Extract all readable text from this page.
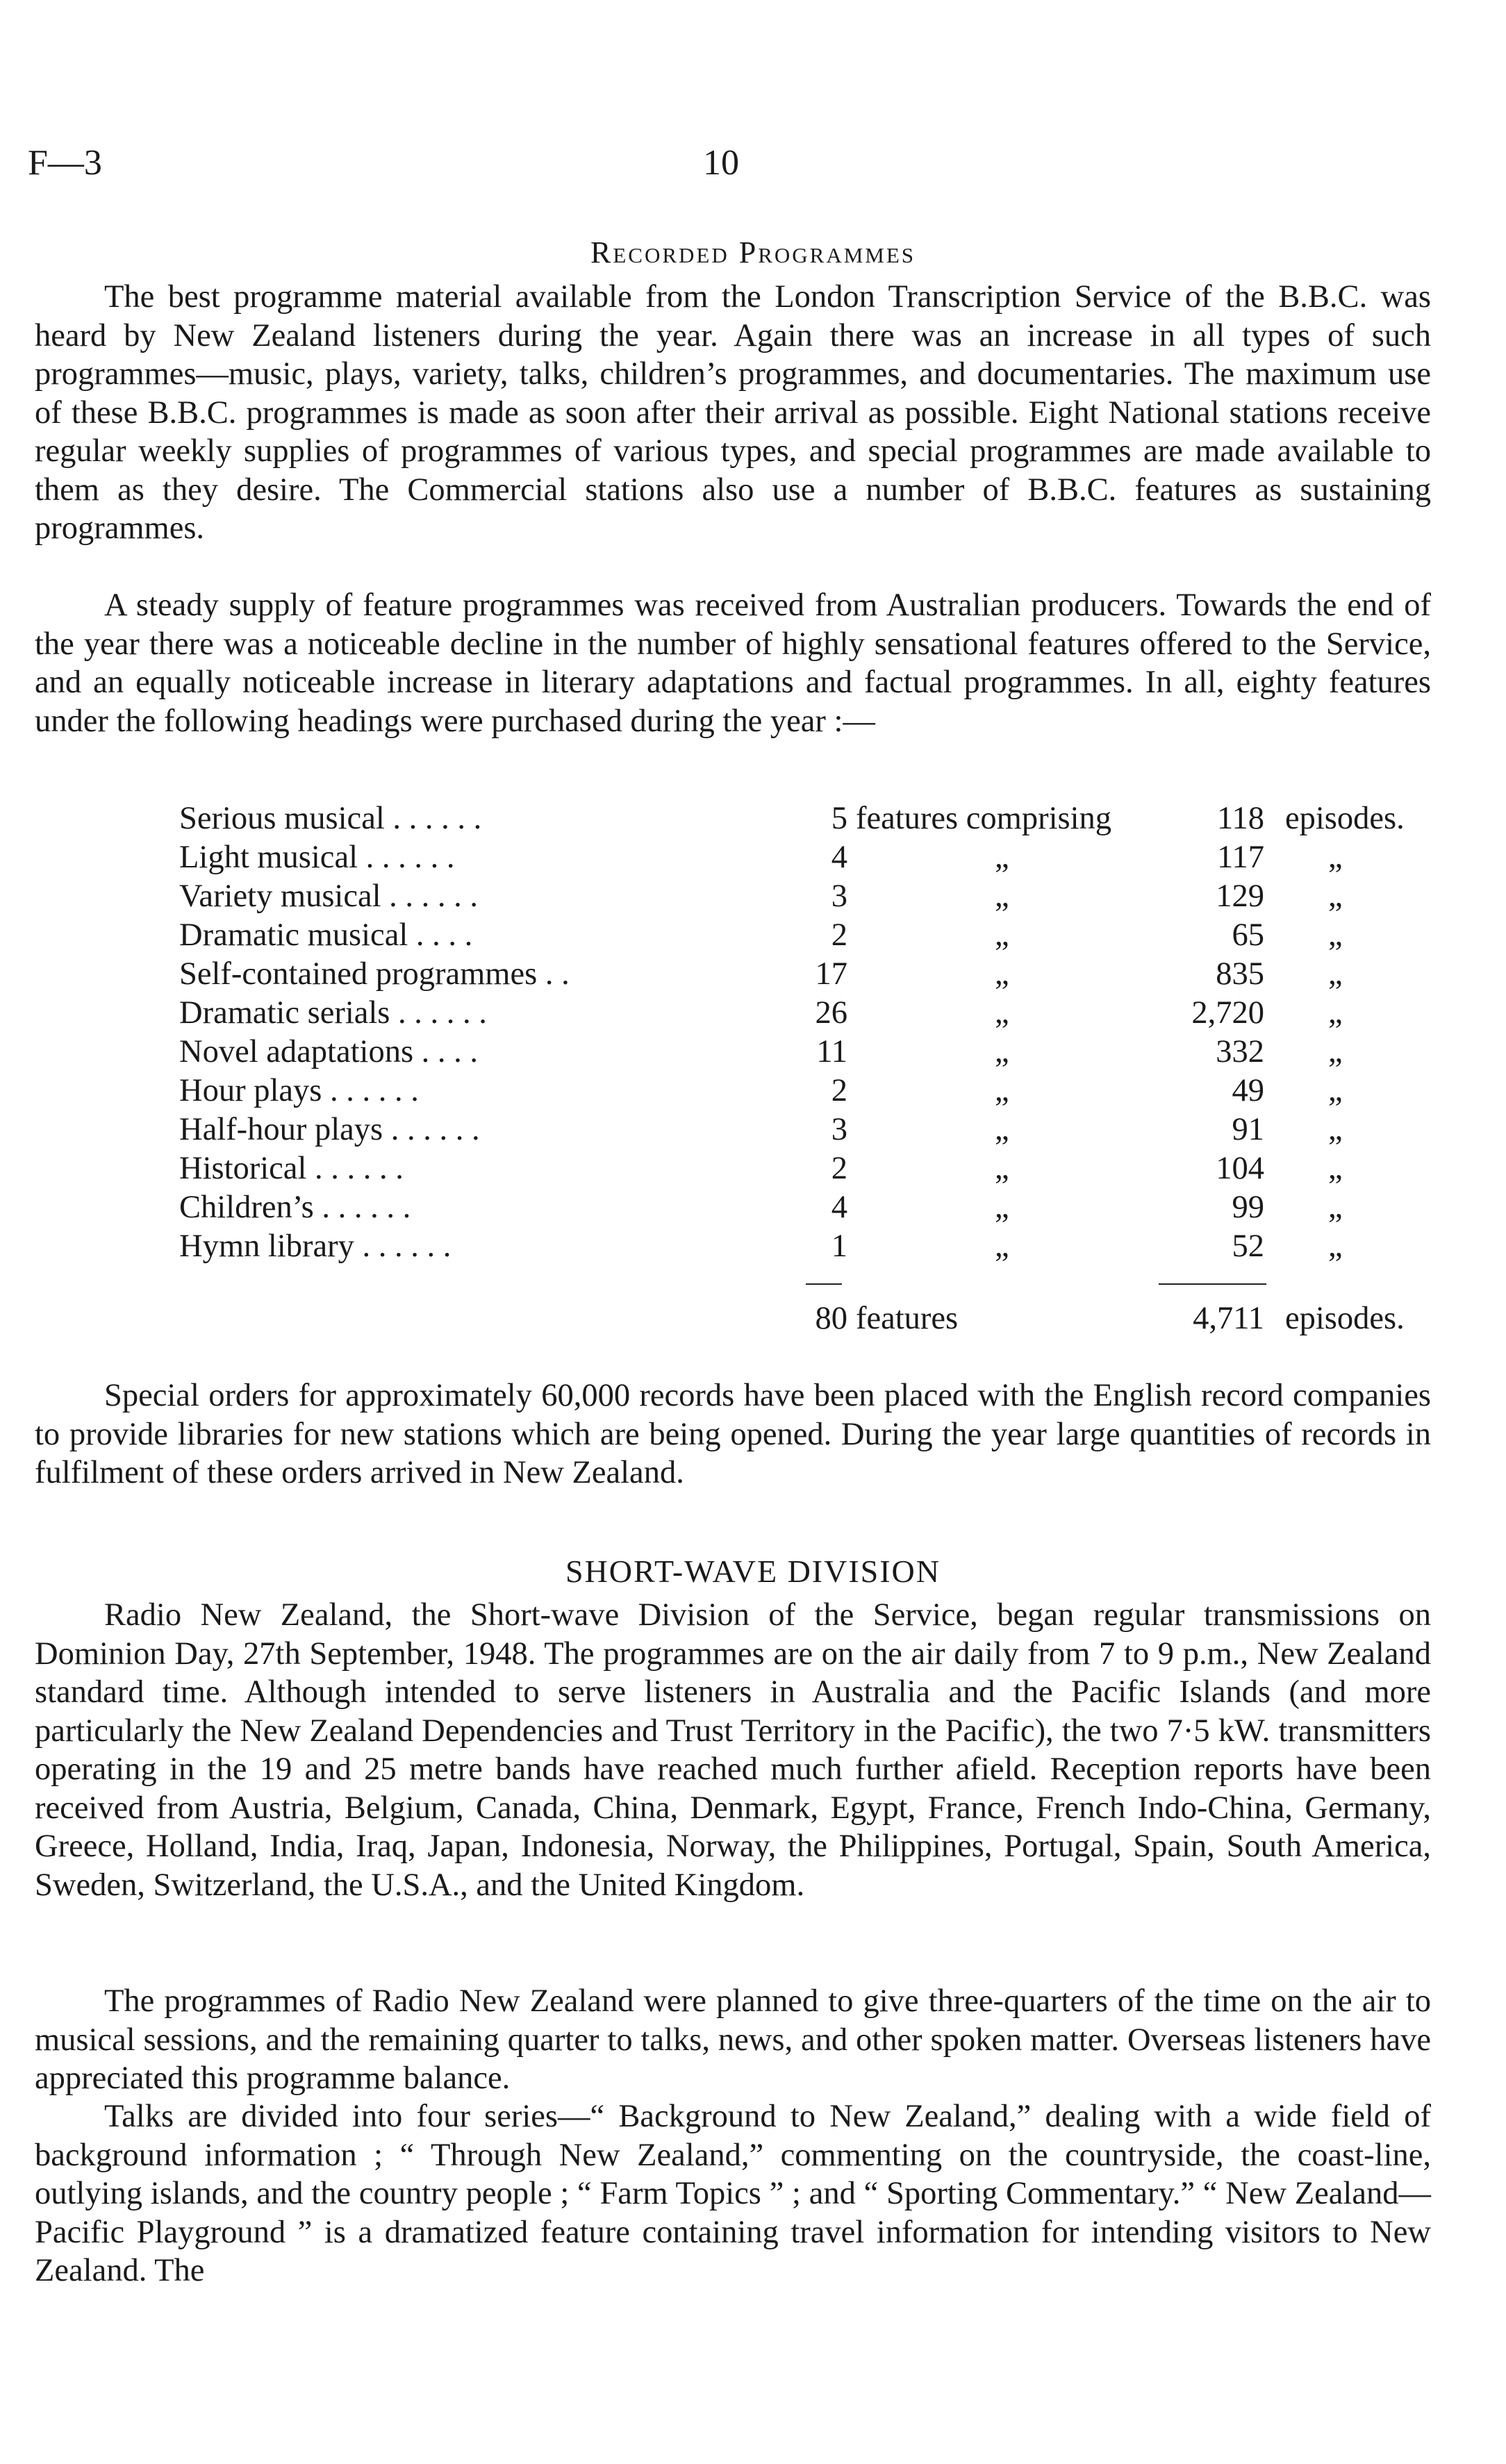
F—3	10
Recorded Programmes
The best programme material available from the London Transcription Service of the B.B.C. was heard by New Zealand listeners during the year. Again there was an increase in all types of such programmes—music, plays, variety, talks, children’s programmes, and documentaries. The maximum use of these B.B.C. programmes is made as soon after their arrival as possible. Eight National stations receive regular weekly supplies of programmes of various types, and special programmes are made available to them as they desire. The Commercial stations also use a number of B.B.C. features as sustaining programmes.
A steady supply of feature programmes was received from Australian producers. Towards the end of the year there was a noticeable decline in the number of highly sensational features offered to the Service, and an equally noticeable increase in literary adaptations and factual programmes. In all, eighty features under the following headings were purchased during the year :—
Serious musical . . . . . .	5 features comprising	118 episodes.
Light musical . . . . . .	4	„	117 „
Variety musical . . . . . .	3	„	129 „
Dramatic musical . . . .	2	„	65 „
Self-contained programmes . .	17	„	835 „
Dramatic serials . . . . . .	26	„	2,720 „
Novel adaptations . . . .	11	„	332 „
Hour plays . . . . . .	2	„	49 „
Half-hour plays . . . . . .	3	„	91 „
Historical . . . . . .	2	„	104 „
Children’s . . . . . .	4	„	99 „
Hymn library . . . . . .	1	„	52 „
80 features	4,711 episodes.
Special orders for approximately 60,000 records have been placed with the English record companies to provide libraries for new stations which are being opened. During the year large quantities of records in fulfilment of these orders arrived in New Zealand.
SHORT-WAVE DIVISION
Radio New Zealand, the Short-wave Division of the Service, began regular transmissions on Dominion Day, 27th September, 1948. The programmes are on the air daily from 7 to 9 p.m., New Zealand standard time. Although intended to serve listeners in Australia and the Pacific Islands (and more particularly the New Zealand Dependencies and Trust Territory in the Pacific), the two 7·5 kW. transmitters operating in the 19 and 25 metre bands have reached much further afield. Reception reports have been received from Austria, Belgium, Canada, China, Denmark, Egypt, France, French Indo-China, Germany, Greece, Holland, India, Iraq, Japan, Indonesia, Norway, the Philippines, Portugal, Spain, South America, Sweden, Switzerland, the U.S.A., and the United Kingdom.
The programmes of Radio New Zealand were planned to give three-quarters of the time on the air to musical sessions, and the remaining quarter to talks, news, and other spoken matter. Overseas listeners have appreciated this programme balance.
Talks are divided into four series—“ Background to New Zealand,” dealing with a wide field of background information ; “ Through New Zealand,” commenting on the countryside, the coast-line, outlying islands, and the country people ; “ Farm Topics ” ; and “ Sporting Commentary.” “ New Zealand—Pacific Playground ” is a dramatized feature containing travel information for intending visitors to New Zealand. The
